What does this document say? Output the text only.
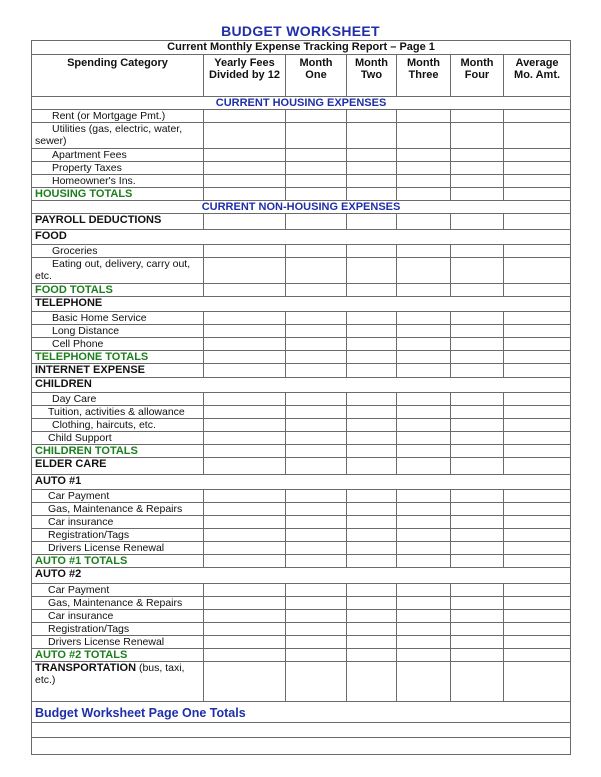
BUDGET WORKSHEET
Current Monthly Expense Tracking Report – Page 1						
Spending Category	Yearly Fees Divided by 12	Month One	Month Two	Month Three	Month Four	Average Mo. Amt.
CURRENT HOUSING EXPENSES						
Rent (or Mortgage Pmt.)						

Utilities (gas, electric, water,
sewer)						

Apartment Fees						
Property Taxes						
Homeowner's Ins.						
HOUSING TOTALS						
CURRENT NON-HOUSING EXPENSES						
PAYROLL DEDUCTIONS						
FOOD						
Groceries						

Eating out, delivery, carry out,
etc.						

FOOD TOTALS						
TELEPHONE						
Basic Home Service						
Long Distance						
Cell Phone						
TELEPHONE TOTALS						
INTERNET EXPENSE						
CHILDREN						
Day Care						
Tuition, activities & allowance						
Clothing, haircuts, etc.						
Child Support						
CHILDREN TOTALS						
ELDER CARE						
AUTO #1						
Car Payment						
Gas, Maintenance & Repairs						
Car insurance						
Registration/Tags						
Drivers License Renewal						
AUTO #1 TOTALS						
AUTO #2						
Car Payment						
Gas, Maintenance & Repairs						
Car insurance						
Registration/Tags						
Drivers License Renewal						
AUTO #2 TOTALS						

TRANSPORTATION (bus, taxi,
etc.)						

Budget Worksheet Page One Totals						
